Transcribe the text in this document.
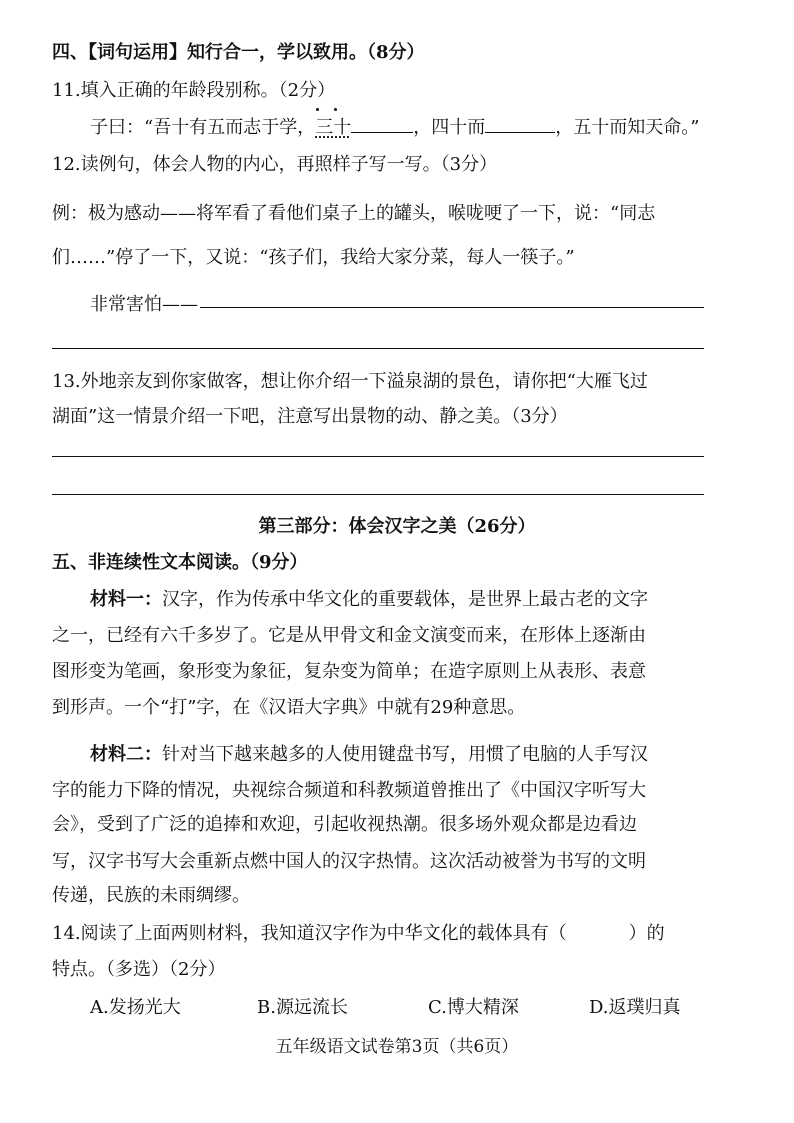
四、【词句运用】知行合一，学以致用。（8分）
11.填入正确的年龄段别称。（2分）
子曰：“吾十有五而志于学，三十	，四十而	，五十而知天命。”
12.读例句，体会人物的内心，再照样子写一写。（3分）
例：极为感动——将军看了看他们桌子上的罐头，喉咙哽了一下，说：“同志
们……”停了一下，又说：“孩子们，我给大家分菜，每人一筷子。”
非常害怕——
13.外地亲友到你家做客，想让你介绍一下溢泉湖的景色，请你把“大雁飞过
湖面”这一情景介绍一下吧，注意写出景物的动、静之美。（3分）
第三部分：体会汉字之美（26分）
五、非连续性文本阅读。（9分）
材料一：汉字，作为传承中华文化的重要载体，是世界上最古老的文字
之一，已经有六千多岁了。它是从甲骨文和金文演变而来，在形体上逐渐由
图形变为笔画，象形变为象征，复杂变为简单；在造字原则上从表形、表意
到形声。一个“打”字，在《汉语大字典》中就有29种意思。
材料二：针对当下越来越多的人使用键盘书写，用惯了电脑的人手写汉
字的能力下降的情况，央视综合频道和科教频道曾推出了《中国汉字听写大
会》，受到了广泛的追捧和欢迎，引起收视热潮。很多场外观众都是边看边
写，汉字书写大会重新点燃中国人的汉字热情。这次活动被誉为书写的文明
传递，民族的未雨绸缪。
14.阅读了上面两则材料，我知道汉字作为中华文化的载体具有（	）的
特点。（多选）（2分）
A.发扬光大	B.源远流长	C.博大精深	D.返璞归真
五年级语文试卷第3页（共6页）
